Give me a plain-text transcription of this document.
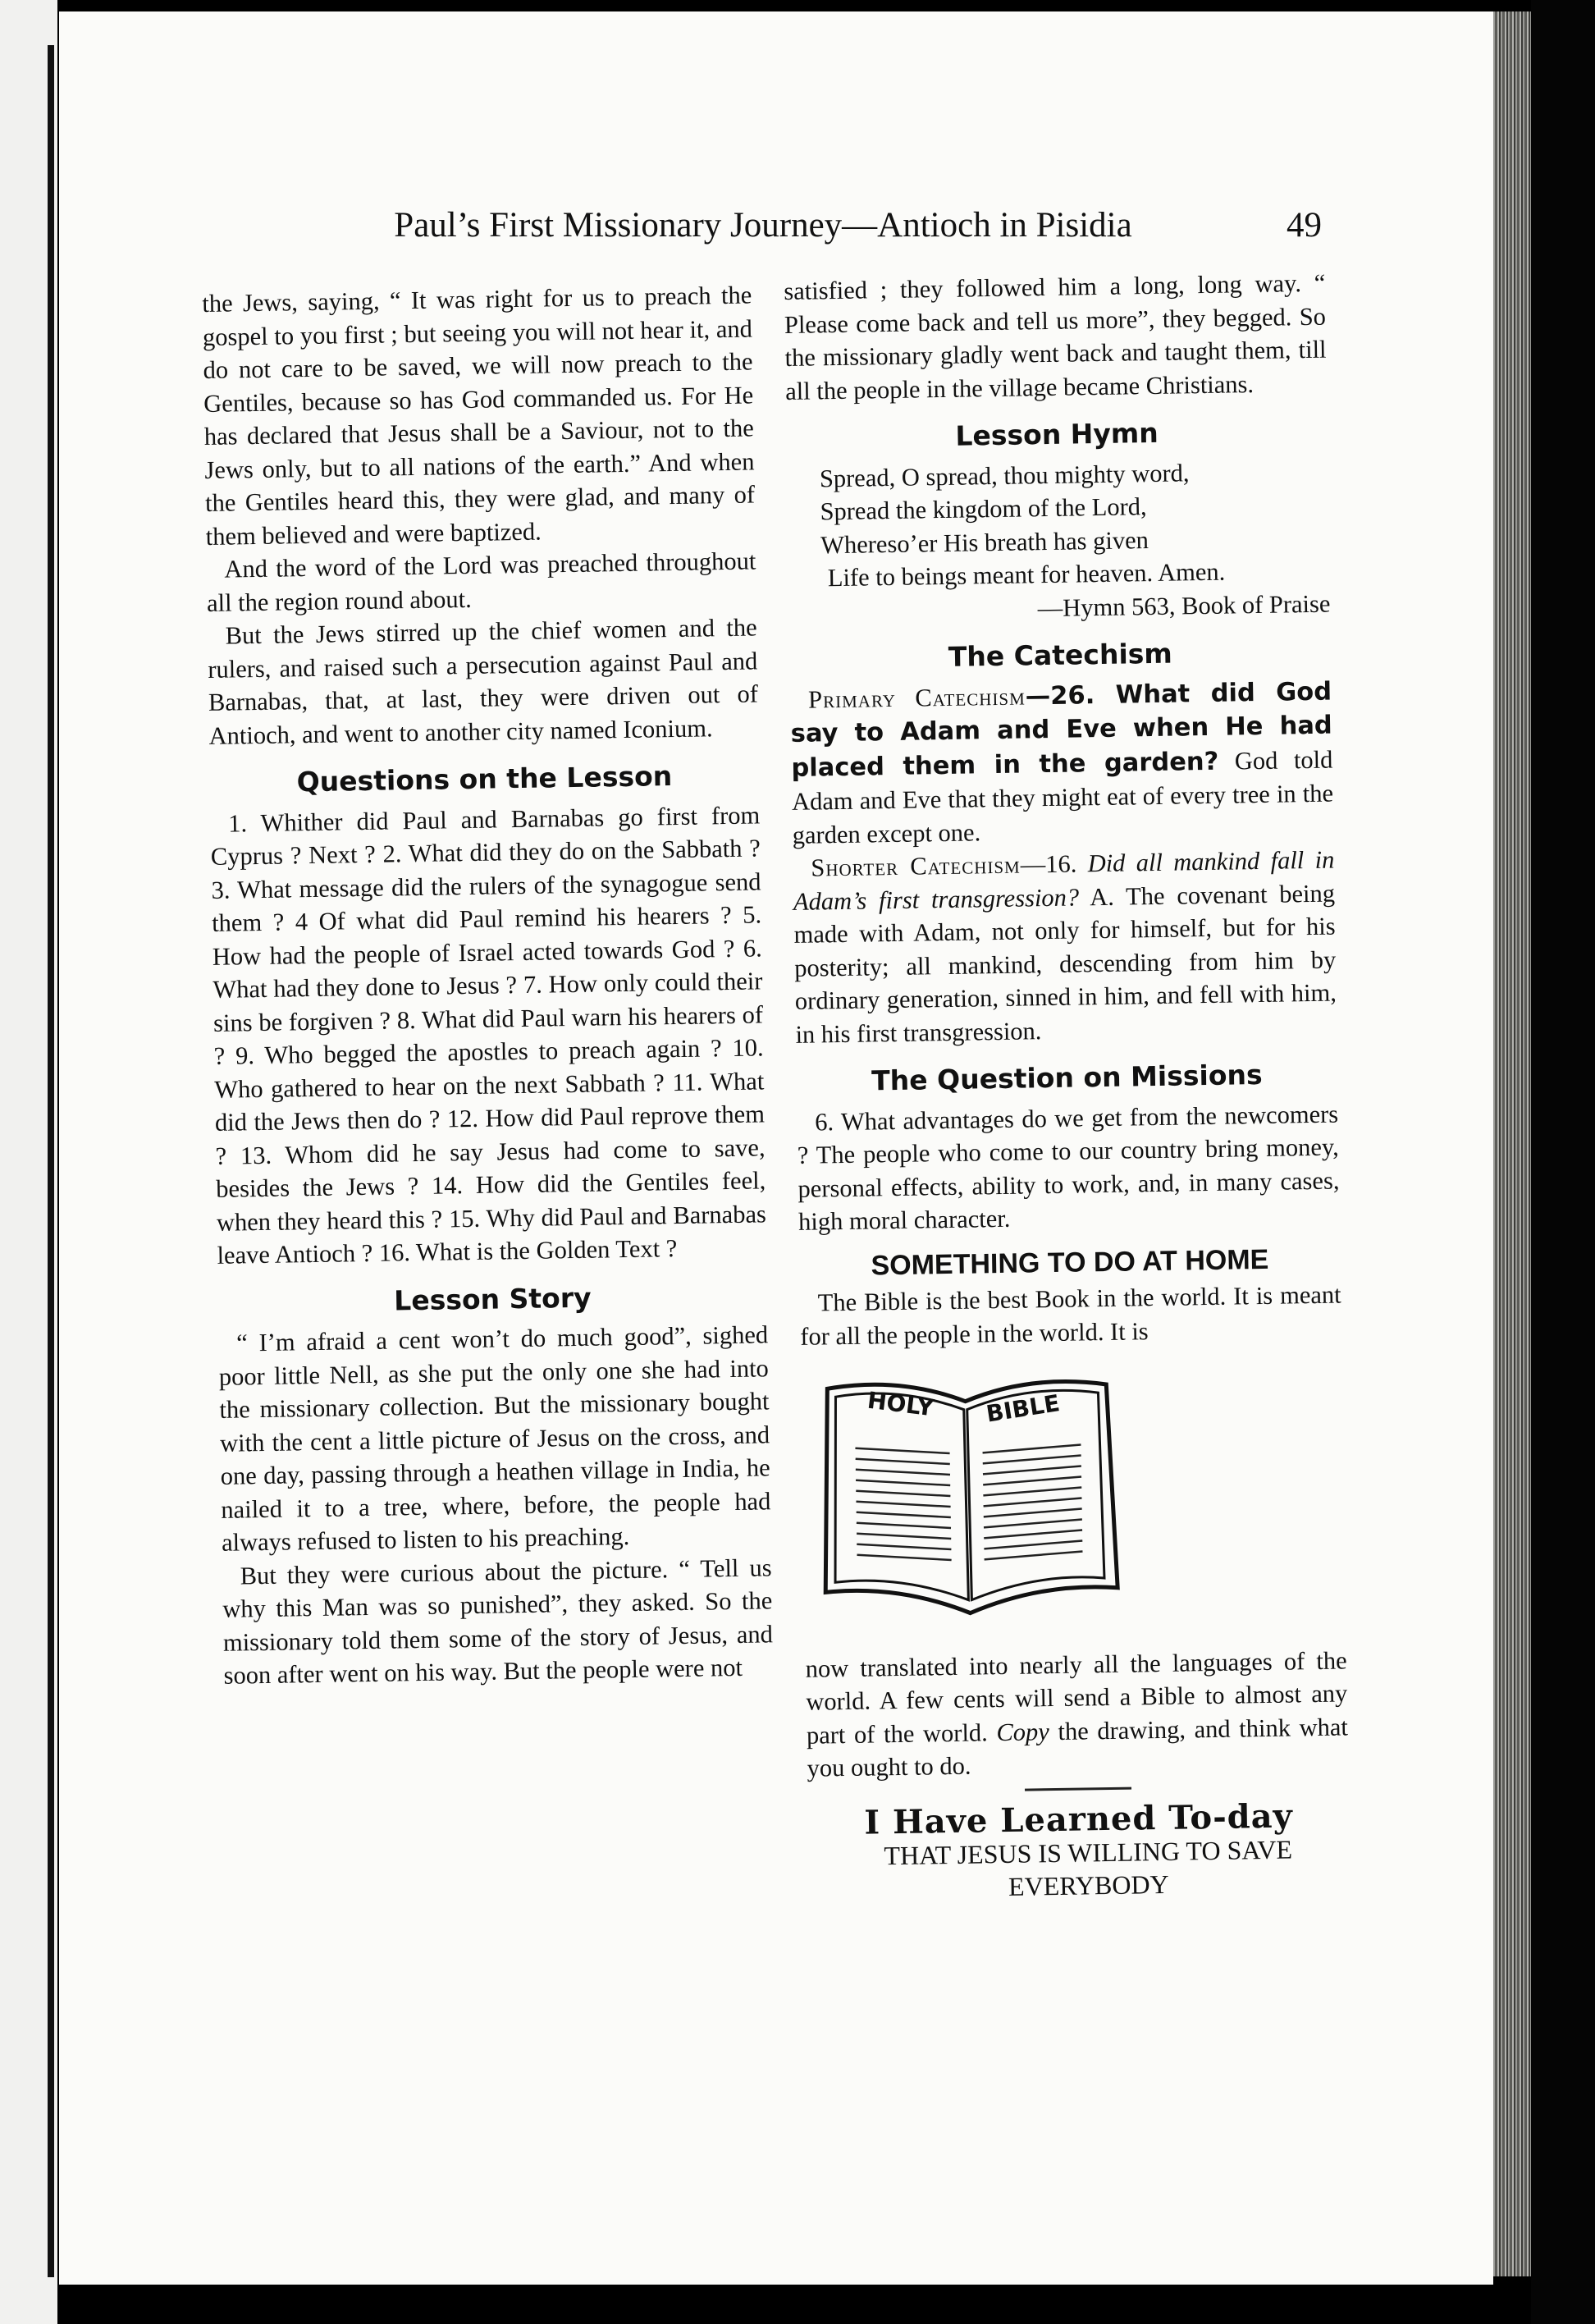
Paul’s First Missionary Journey—Antioch in Pisidia	49

the Jews, saying, “ It was right for us to preach the gospel to you first ; but seeing you will not hear it, and do not care to be saved, we will now preach to the Gentiles, because so has God commanded us. For He has declared that Jesus shall be a Saviour, not to the Jews only, but to all nations of the earth.” And when the Gentiles heard this, they were glad, and many of them believed and were baptized.

And the word of the Lord was preached throughout all the region round about.

But the Jews stirred up the chief women and the rulers, and raised such a persecution against Paul and Barnabas, that, at last, they were driven out of Antioch, and went to another city named Iconium.

Questions on the Lesson

1. Whither did Paul and Barnabas go first from Cyprus ? Next ? 2. What did they do on the Sabbath ? 3. What message did the rulers of the synagogue send them ? 4 Of what did Paul remind his hearers ? 5. How had the people of Israel acted towards God ? 6. What had they done to Jesus ? 7. How only could their sins be forgiven ? 8. What did Paul warn his hearers of ? 9. Who begged the apostles to preach again ? 10. Who gathered to hear on the next Sabbath ? 11. What did the Jews then do ? 12. How did Paul reprove them ? 13. Whom did he say Jesus had come to save, besides the Jews ? 14. How did the Gentiles feel, when they heard this ? 15. Why did Paul and Barnabas leave Antioch ? 16. What is the Golden Text ?

Lesson Story

“ I’m afraid a cent won’t do much good”, sighed poor little Nell, as she put the only one she had into the missionary collection. But the missionary bought with the cent a little picture of Jesus on the cross, and one day, passing through a heathen village in India, he nailed it to a tree, where, before, the people had always refused to listen to his preaching.

But they were curious about the picture. “ Tell us why this Man was so punished”, they asked. So the missionary told them some of the story of Jesus, and soon after went on his way. But the people were not

satisfied ; they followed him a long, long way. “ Please come back and tell us more”, they begged. So the missionary gladly went back and taught them, till all the people in the village became Christians.

Lesson Hymn
Spread, O spread, thou mighty word,
Spread the kingdom of the Lord,
Whereso’er His breath has given
Life to beings meant for heaven. Amen.
—Hymn 563, Book of Praise
The Catechism

Primary Catechism—26. What did God say to Adam and Eve when He had placed them in the garden? God told Adam and Eve that they might eat of every tree in the garden except one.

Shorter Catechism—16. Did all mankind fall in Adam’s first transgression? A. The covenant being made with Adam, not only for himself, but for his posterity; all mankind, descending from him by ordinary generation, sinned in him, and fell with him, in his first transgression.

The Question on Missions

6. What advantages do we get from the newcomers ? The people who come to our country bring money, personal effects, ability to work, and, in many cases, high moral character.

SOMETHING TO DO AT HOME

The Bible is the best Book in the world. It is meant for all the people in the world. It is

HOLY BIBLE

now translated into nearly all the languages of the world. A few cents will send a Bible to almost any part of the world. Copy the drawing, and think what you ought to do.

I Have Learned To-day

THAT JESUS IS WILLING TO SAVE

EVERYBODY
